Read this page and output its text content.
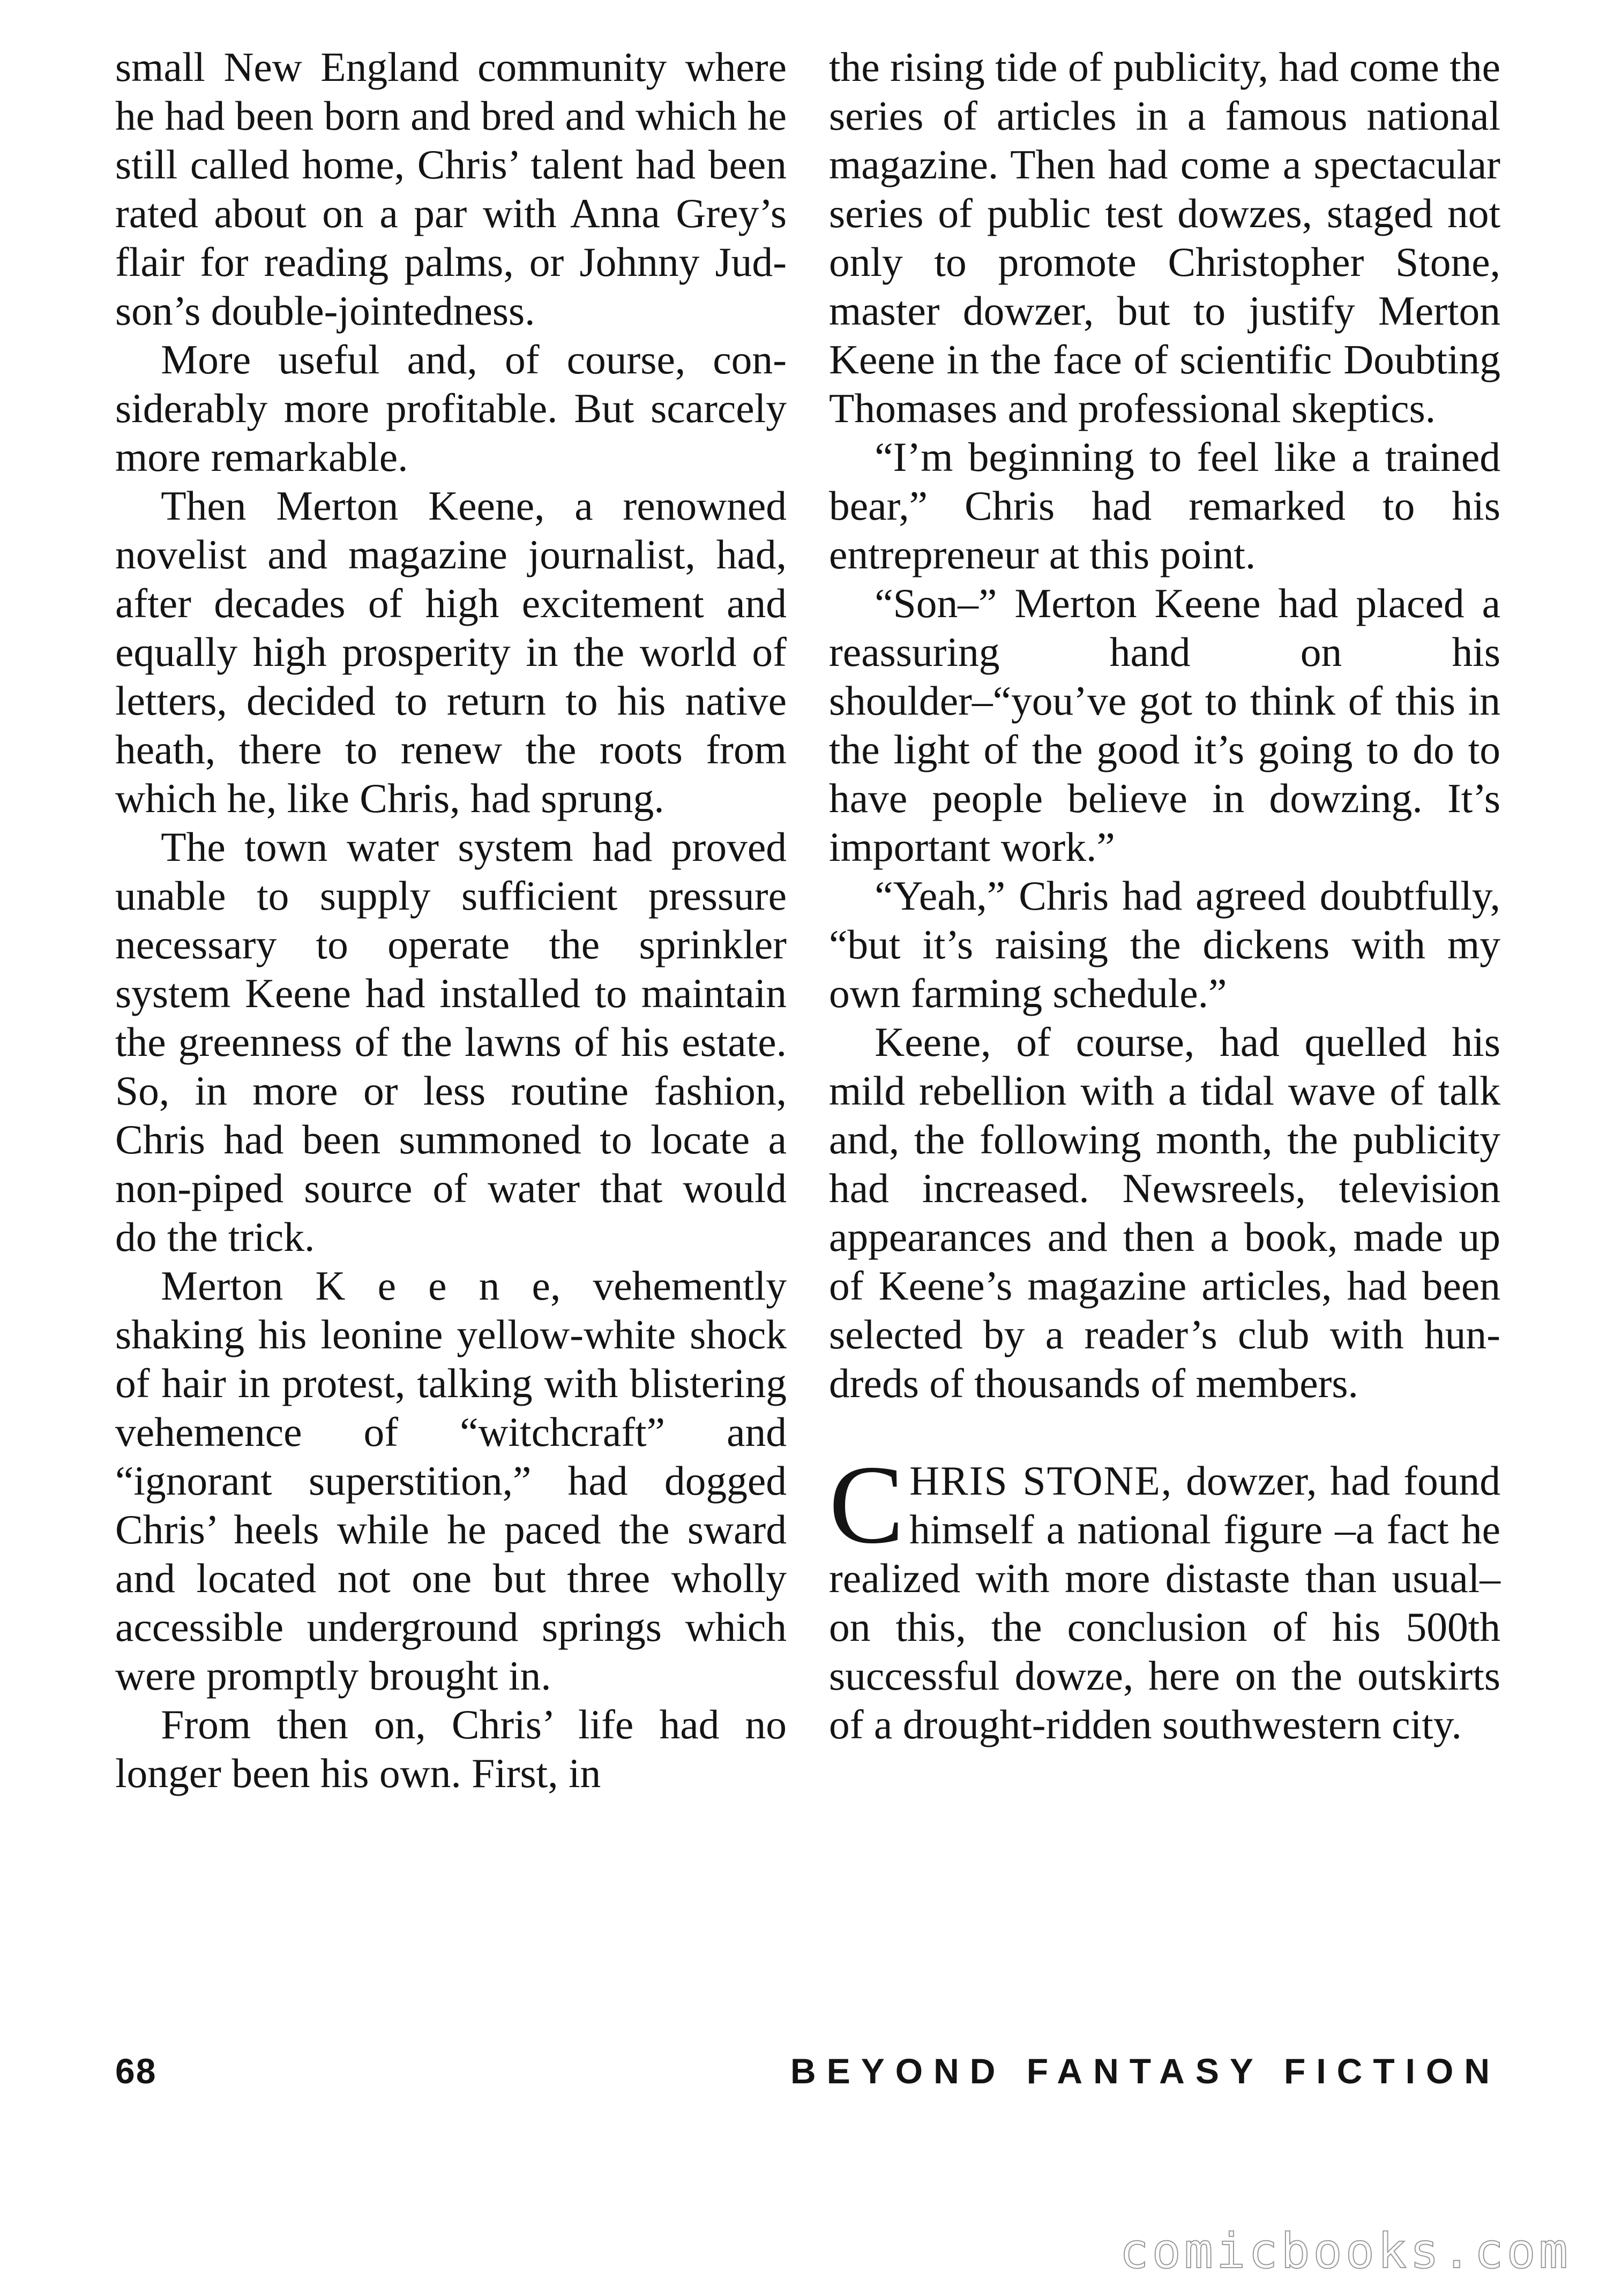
small New England community where he had been born and bred and which he still called home, Chris’ talent had been rated about on a par with Anna Grey’s flair for reading palms, or Johnny Judson’s double-jointedness.

More useful and, of course, considerably more profitable. But scarcely more remarkable.

Then Merton Keene, a renowned novelist and magazine journalist, had, after decades of high excitement and equally high prosperity in the world of letters, decided to return to his native heath, there to renew the roots from which he, like Chris, had sprung.

The town water system had proved unable to supply sufficient pressure necessary to operate the sprinkler system Keene had installed to maintain the greenness of the lawns of his estate. So, in more or less routine fashion, Chris had been summoned to locate a non-piped source of water that would do the trick.

Merton K e e n e, vehemently shaking his leonine yellow-white shock of hair in protest, talking with blistering vehemence of “witchcraft” and “ignorant superstition,” had dogged Chris’ heels while he paced the sward and located not one but three wholly accessible underground springs which were promptly brought in.

From then on, Chris’ life had no longer been his own. First, in

the rising tide of publicity, had come the series of articles in a famous national magazine. Then had come a spectacular series of public test dowzes, staged not only to promote Christopher Stone, master dowzer, but to justify Merton Keene in the face of scientific Doubting Thomases and professional skeptics.

“I’m beginning to feel like a trained bear,” Chris had remarked to his entrepreneur at this point.

“Son–” Merton Keene had placed a reassuring hand on his shoulder–“you’ve got to think of this in the light of the good it’s going to do to have people believe in dowzing. It’s important work.”

“Yeah,” Chris had agreed doubtfully, “but it’s raising the dickens with my own farming schedule.”

Keene, of course, had quelled his mild rebellion with a tidal wave of talk and, the following month, the publicity had increased. Newsreels, television appearances and then a book, made up of Keene’s magazine articles, had been selected by a reader’s club with hundreds of thousands of members.

CHRIS STONE, dowzer, had found himself a national figure –a fact he realized with more distaste than usual–on this, the conclusion of his 500th successful dowze, here on the outskirts of a drought-ridden southwestern city.

68	BEYOND FANTASY FICTION
comicbooks.com
